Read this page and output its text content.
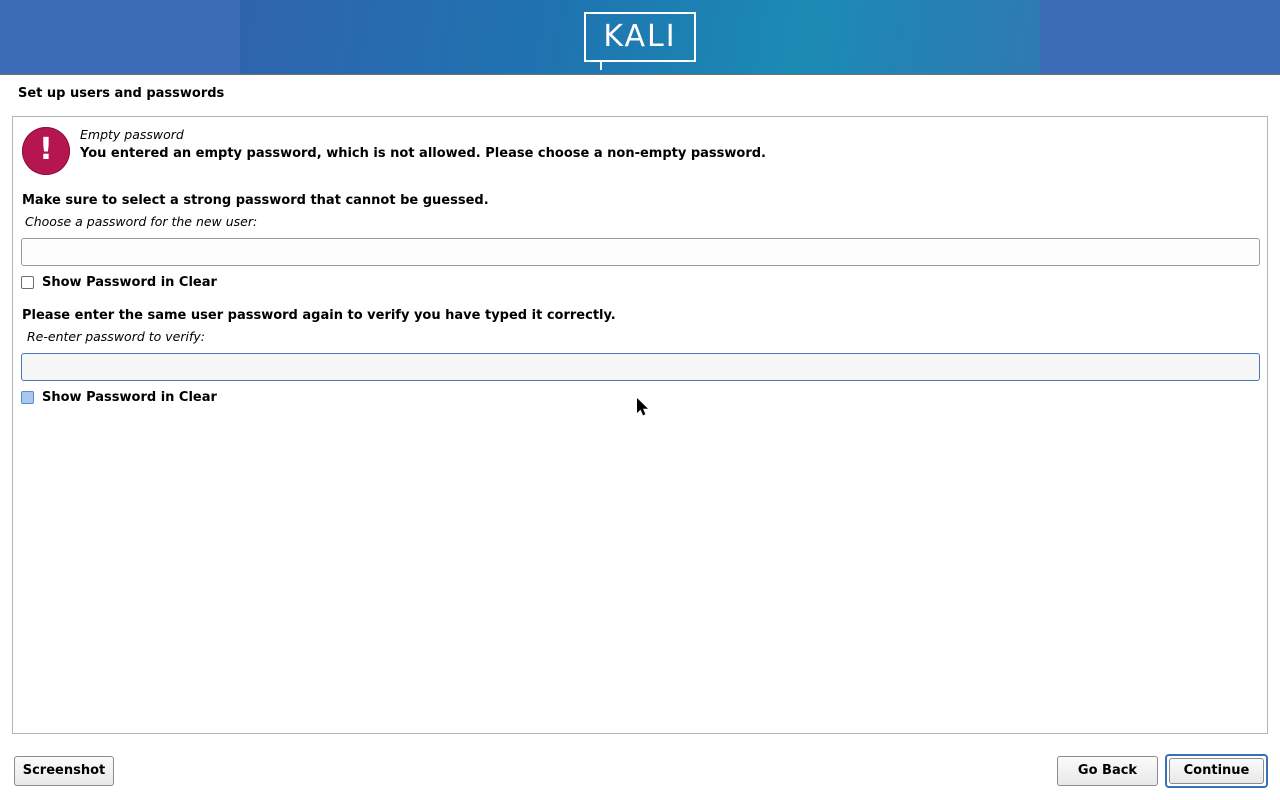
KALI
Set up users and passwords
!	Empty password
You entered an empty password, which is not allowed. Please choose a non-empty password.
Make sure to select a strong password that cannot be guessed.
Choose a password for the new user:
Show Password in Clear
Please enter the same user password again to verify you have typed it correctly.
Re-enter password to verify:
Show Password in Clear
Screenshot	Go Back	Continue
